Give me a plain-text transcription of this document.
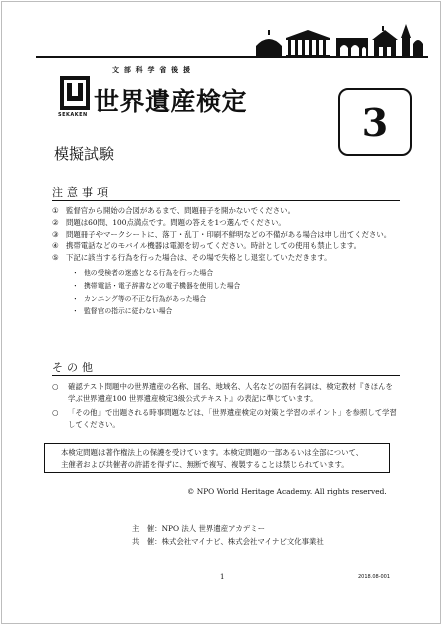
文 部 科 学 省 後 援
SEKAKEN 世界遺産検定	3
模擬試験
注意事項
① 監督官から開始の合図があるまで、問題冊子を開かないでください。
② 問題は60問、100点満点です。問題の答えを1つ選んでください。
③ 問題冊子やマークシートに、落丁・乱丁・印刷不鮮明などの不備がある場合は申し出てください。
④ 携帯電話などのモバイル機器は電源を切ってください。時計としての使用も禁止します。
⑤ 下記に該当する行為を行った場合は、その場で失格とし退室していただきます。
・ 他の受検者の迷惑となる行為を行った場合
・ 携帯電話・電子辞書などの電子機器を使用した場合
・ カンニング等の不正な行為があった場合
・ 監督官の指示に従わない場合
その他
○	確認テスト問題中の世界遺産の名称、国名、地域名、人名などの固有名詞は、検定教材『きほんを学ぶ世界遺産100 世界遺産検定3級公式テキスト』の表記に準じています。
○	「その他」で出題される時事問題などは、「世界遺産検定の対策と学習のポイント」を参照して学習してください。
本検定問題は著作権法上の保護を受けています。本検定問題の一部あるいは全部について、
主催者および共催者の許諾を得ずに、無断で複写、複製することは禁じられています。
© NPO World Heritage Academy. All rights reserved.
主　催：NPO 法人 世界遺産アカデミー
共　催：株式会社マイナビ、株式会社マイナビ文化事業社
1	2018.08-001
